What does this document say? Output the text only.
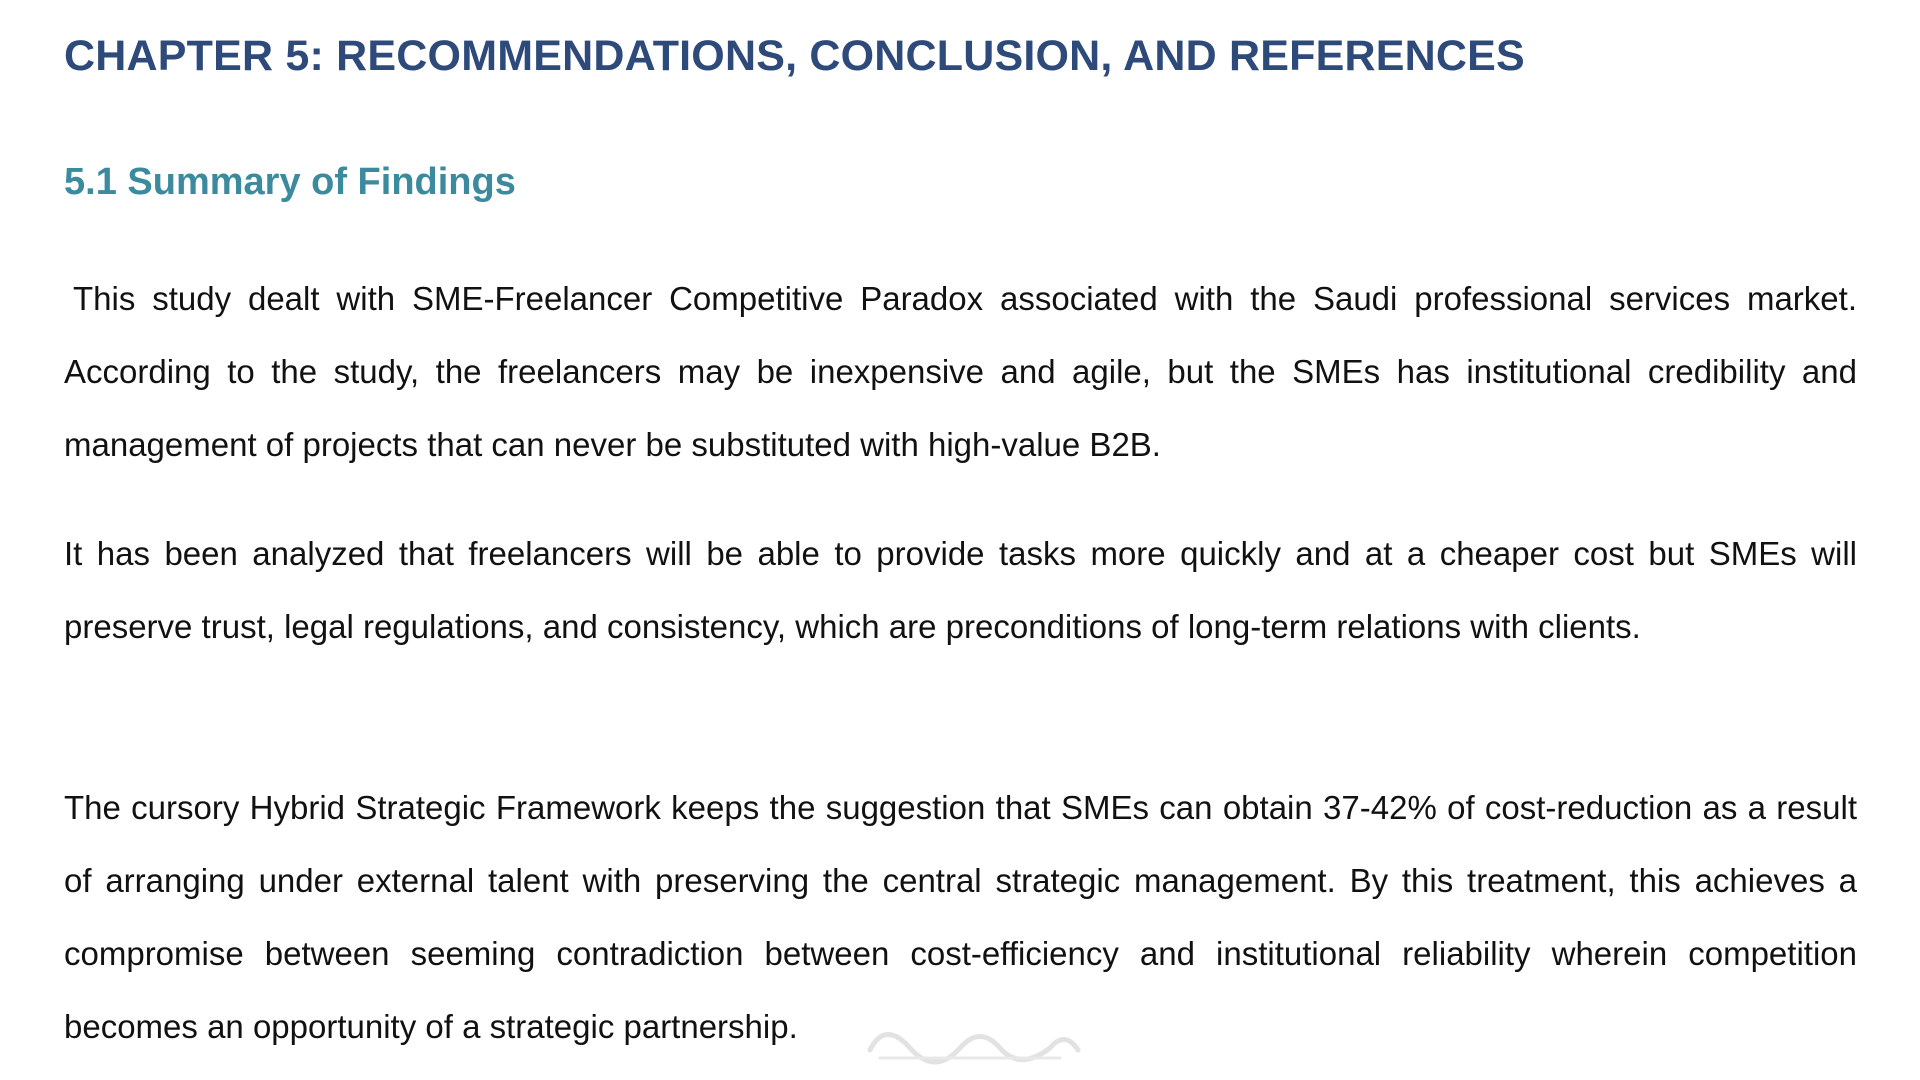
CHAPTER 5: RECOMMENDATIONS, CONCLUSION, AND REFERENCES
5.1 Summary of Findings

This study dealt with SME-Freelancer Competitive Paradox associated with the Saudi professional services market. According to the study, the freelancers may be inexpensive and agile, but the SMEs has institutional credibility and management of projects that can never be substituted with high-value B2B.

It has been analyzed that freelancers will be able to provide tasks more quickly and at a cheaper cost but SMEs will preserve trust, legal regulations, and consistency, which are preconditions of long-term relations with clients.

The cursory Hybrid Strategic Framework keeps the suggestion that SMEs can obtain 37-42% of cost-reduction as a result of arranging under external talent with preserving the central strategic management. By this treatment, this achieves a compromise between seeming contradiction between cost-efficiency and institutional reliability wherein competition becomes an opportunity of a strategic partnership.
